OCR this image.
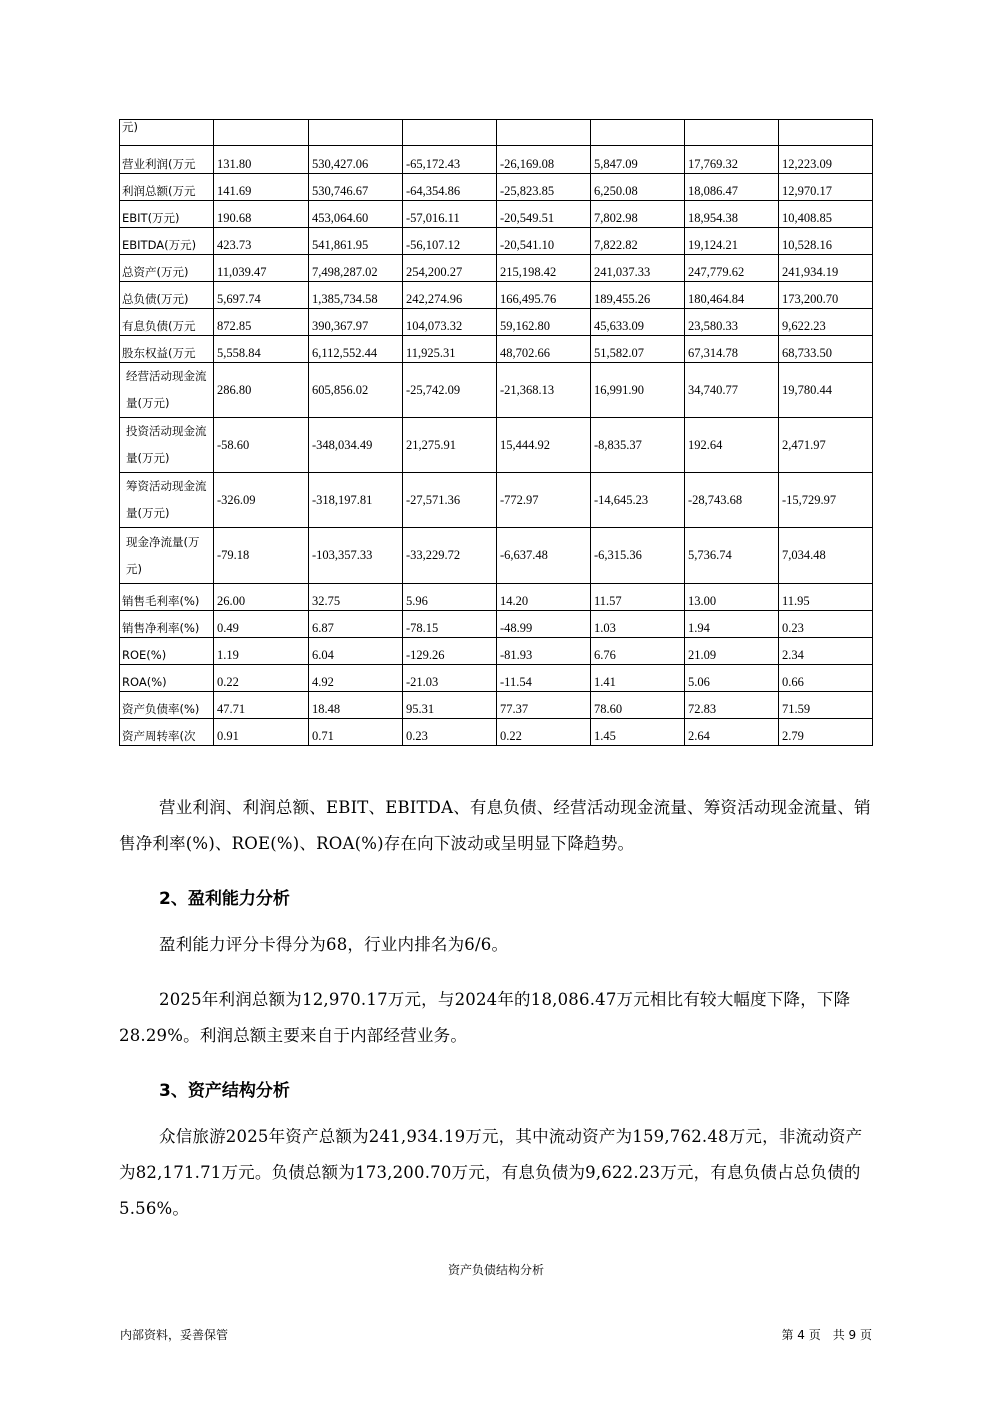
元)							
营业利润(万元	131.80	530,427.06	-65,172.43	-26,169.08	5,847.09	17,769.32	12,223.09
利润总额(万元	141.69	530,746.67	-64,354.86	-25,823.85	6,250.08	18,086.47	12,970.17
EBIT(万元)	190.68	453,064.60	-57,016.11	-20,549.51	7,802.98	18,954.38	10,408.85
EBITDA(万元)	423.73	541,861.95	-56,107.12	-20,541.10	7,822.82	19,124.21	10,528.16
总资产(万元)	11,039.47	7,498,287.02	254,200.27	215,198.42	241,037.33	247,779.62	241,934.19
总负债(万元)	5,697.74	1,385,734.58	242,274.96	166,495.76	189,455.26	180,464.84	173,200.70
有息负债(万元	872.85	390,367.97	104,073.32	59,162.80	45,633.09	23,580.33	9,622.23
股东权益(万元	5,558.84	6,112,552.44	11,925.31	48,702.66	51,582.07	67,314.78	68,733.50
经营活动现金流量(万元)	286.80	605,856.02	-25,742.09	-21,368.13	16,991.90	34,740.77	19,780.44
投资活动现金流量(万元)	-58.60	-348,034.49	21,275.91	15,444.92	-8,835.37	192.64	2,471.97
筹资活动现金流量(万元)	-326.09	-318,197.81	-27,571.36	-772.97	-14,645.23	-28,743.68	-15,729.97
现金净流量(万元)	-79.18	-103,357.33	-33,229.72	-6,637.48	-6,315.36	5,736.74	7,034.48
销售毛利率(%)	26.00	32.75	5.96	14.20	11.57	13.00	11.95
销售净利率(%)	0.49	6.87	-78.15	-48.99	1.03	1.94	0.23
ROE(%)	1.19	6.04	-129.26	-81.93	6.76	21.09	2.34
ROA(%)	0.22	4.92	-21.03	-11.54	1.41	5.06	0.66
资产负债率(%)	47.71	18.48	95.31	77.37	78.60	72.83	71.59
资产周转率(次	0.91	0.71	0.23	0.22	1.45	2.64	2.79

营业利润、利润总额、EBIT、EBITDA、有息负债、经营活动现金流量、筹资活动现金流量、销售净利率(%)、ROE(%)、ROA(%)存在向下波动或呈明显下降趋势。

2、盈利能力分析

盈利能力评分卡得分为68，行业内排名为6/6。

2025年利润总额为12,970.17万元，与2024年的18,086.47万元相比有较大幅度下降，下降28.29%。利润总额主要来自于内部经营业务。

3、资产结构分析

众信旅游2025年资产总额为241,934.19万元，其中流动资产为159,762.48万元，非流动资产为82,171.71万元。负债总额为173,200.70万元，有息负债为9,622.23万元，有息负债占总负债的5.56%。

资产负债结构分析
内部资料，妥善保管	第 4 页　共 9 页
